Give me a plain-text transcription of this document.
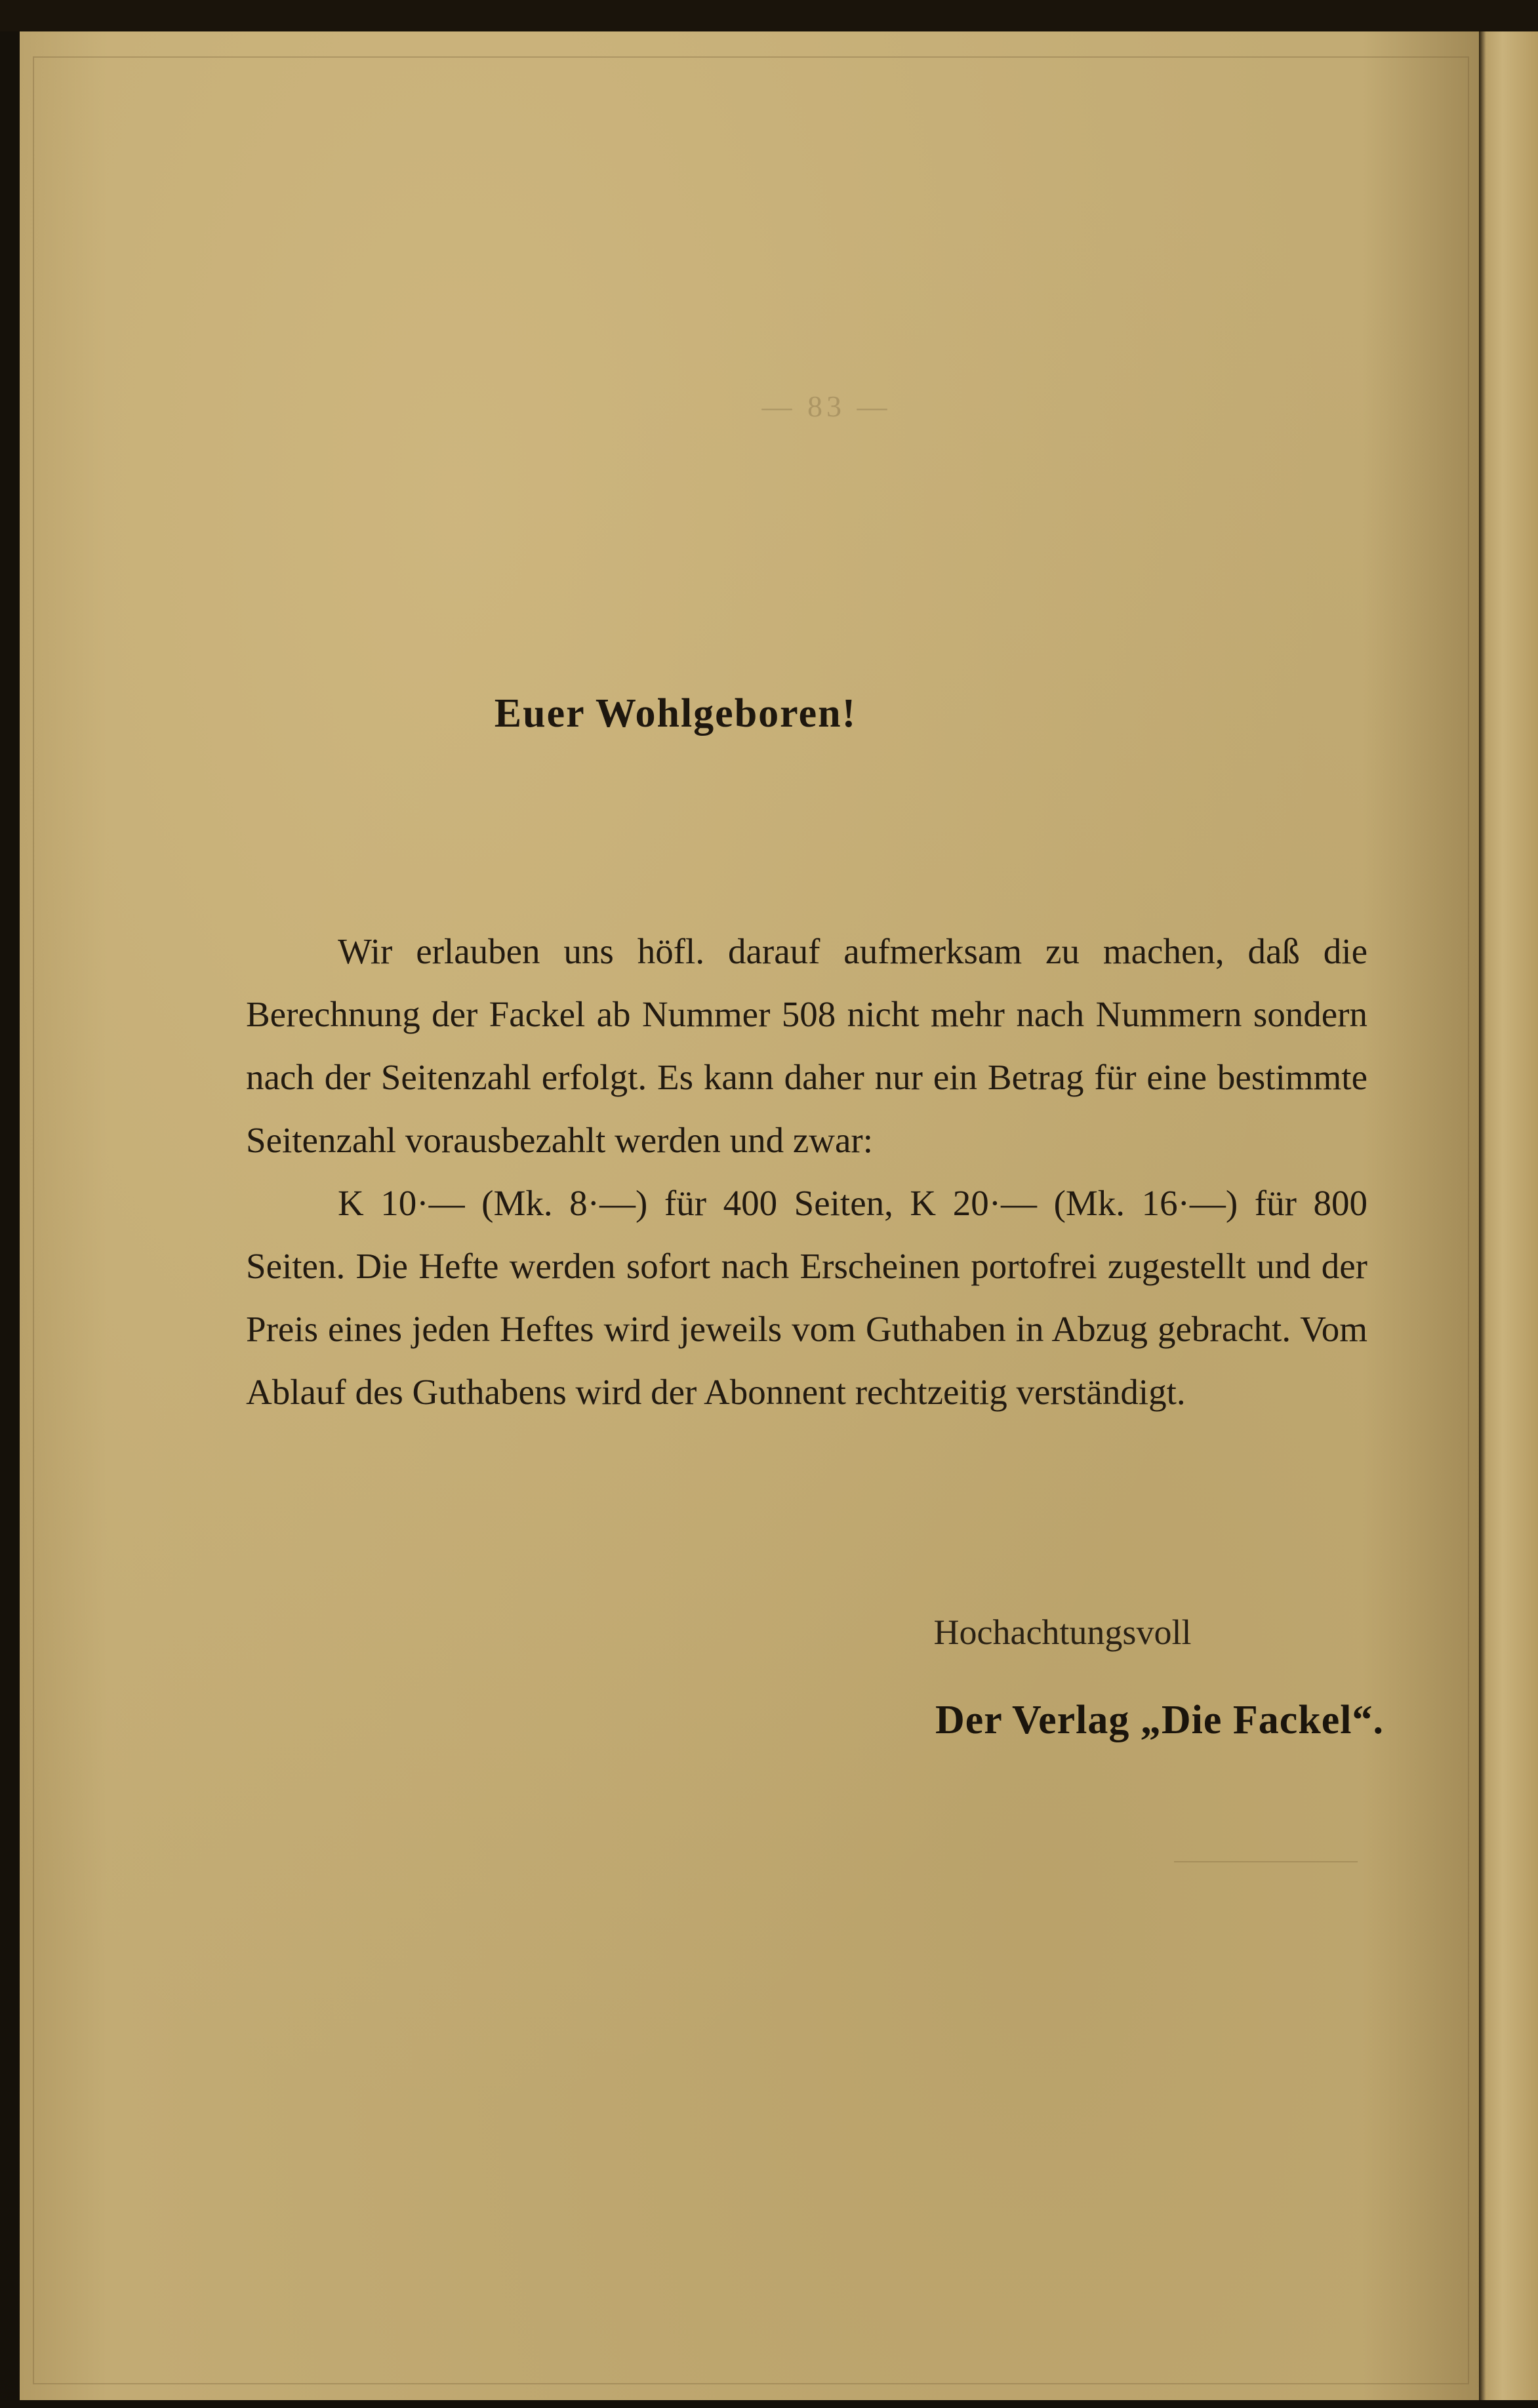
— 83 —
Euer Wohlgeboren!

Wir erlauben uns höfl. darauf aufmerksam zu machen, daß die Berechnung der Fackel ab Nummer 508 nicht mehr nach Nummern sondern nach der Seitenzahl erfolgt. Es kann daher nur ein Betrag für eine bestimmte Seitenzahl vorausbezahlt werden und zwar:

K 10·— (Mk. 8·—) für 400 Seiten, K 20·— (Mk. 16·—) für 800 Seiten. Die Hefte werden sofort nach Erscheinen portofrei zugestellt und der Preis eines jeden Heftes wird jeweils vom Guthaben in Abzug gebracht. Vom Ablauf des Guthabens wird der Abonnent rechtzeitig verständigt.

Hochachtungsvoll
Der Verlag „Die Fackel“.
